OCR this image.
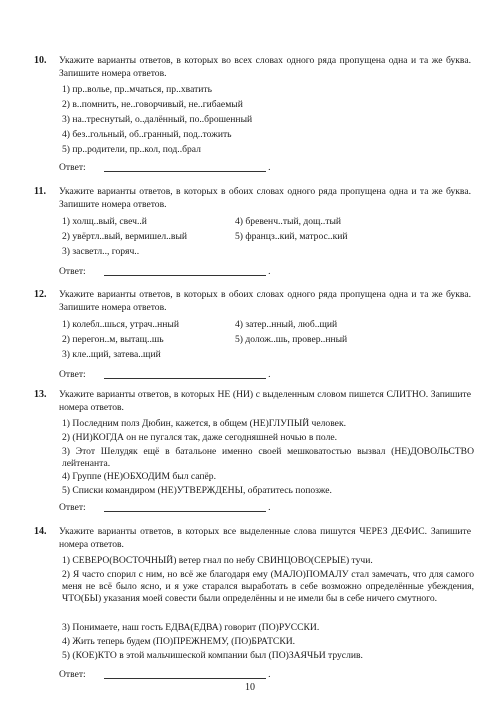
10. Укажите варианты ответов, в которых во всех словах одного ряда пропущена одна и та же буква. Запишите номера ответов.
1) пр..волье, пр..мчаться, пр..хватить
2) в..помнить, не..говорчивый, не..гибаемый
3) на..треснутый, о..далённый, по..брошенный
4) без..гольный, об..гранный, под..тожить
5) пр..родители, пр..кол, под..брал
Ответ:	.
11. Укажите варианты ответов, в которых в обоих словах одного ряда пропущена одна и та же буква. Запишите номера ответов.
1) холщ..вый, свеч..й
2) увёртл..вый, вермишел..вый
3) засветл.., горяч..
4) бревенч..тый, дощ..тый
5) францз..кий, матрос..кий
Ответ:	.
12. Укажите варианты ответов, в которых в обоих словах одного ряда пропущена одна и та же буква. Запишите номера ответов.
1) колебл..шься, утрач..нный
2) перегон..м, вытащ..шь
3) кле..щий, затева..щий
4) затер..нный, люб..щий
5) долож..шь, провер..нный
Ответ:	.
13. Укажите варианты ответов, в которых НЕ (НИ) с выделенным словом пишется СЛИТНО. Запишите номера ответов.
1) Последним полз Дюбин, кажется, в общем (НЕ)ГЛУПЫЙ человек.
2) (НИ)КОГДА он не пугался так, даже сегодняшней ночью в поле.
3) Этот Шелудяк ещё в батальоне именно своей мешковатостью вызвал (НЕ)ДОВОЛЬСТВО лейтенанта.
4) Группе (НЕ)ОБХОДИМ был сапёр.
5) Списки командиром (НЕ)УТВЕРЖДЕНЫ, обратитесь попозже.
Ответ:	.
14. Укажите варианты ответов, в которых все выделенные слова пишутся ЧЕРЕЗ ДЕФИС. Запишите номера ответов.
1) СЕВЕРО(ВОСТОЧНЫЙ) ветер гнал по небу СВИНЦОВО(СЕРЫЕ) тучи.
2) Я часто спорил с ним, но всё же благодаря ему (МАЛО)ПОМАЛУ стал замечать, что для самого меня не всё было ясно, и я уже старался выработать в себе возможно определённые убеждения, ЧТО(БЫ) указания моей совести были определённы и не имели бы в себе ничего смутного.
3) Понимаете, наш гость ЕДВА(ЕДВА) говорит (ПО)РУССКИ.
4) Жить теперь будем (ПО)ПРЕЖНЕМУ, (ПО)БРАТСКИ.
5) (КОЕ)КТО в этой мальчишеской компании был (ПО)ЗАЯЧЬИ труслив.
Ответ:	.
10
